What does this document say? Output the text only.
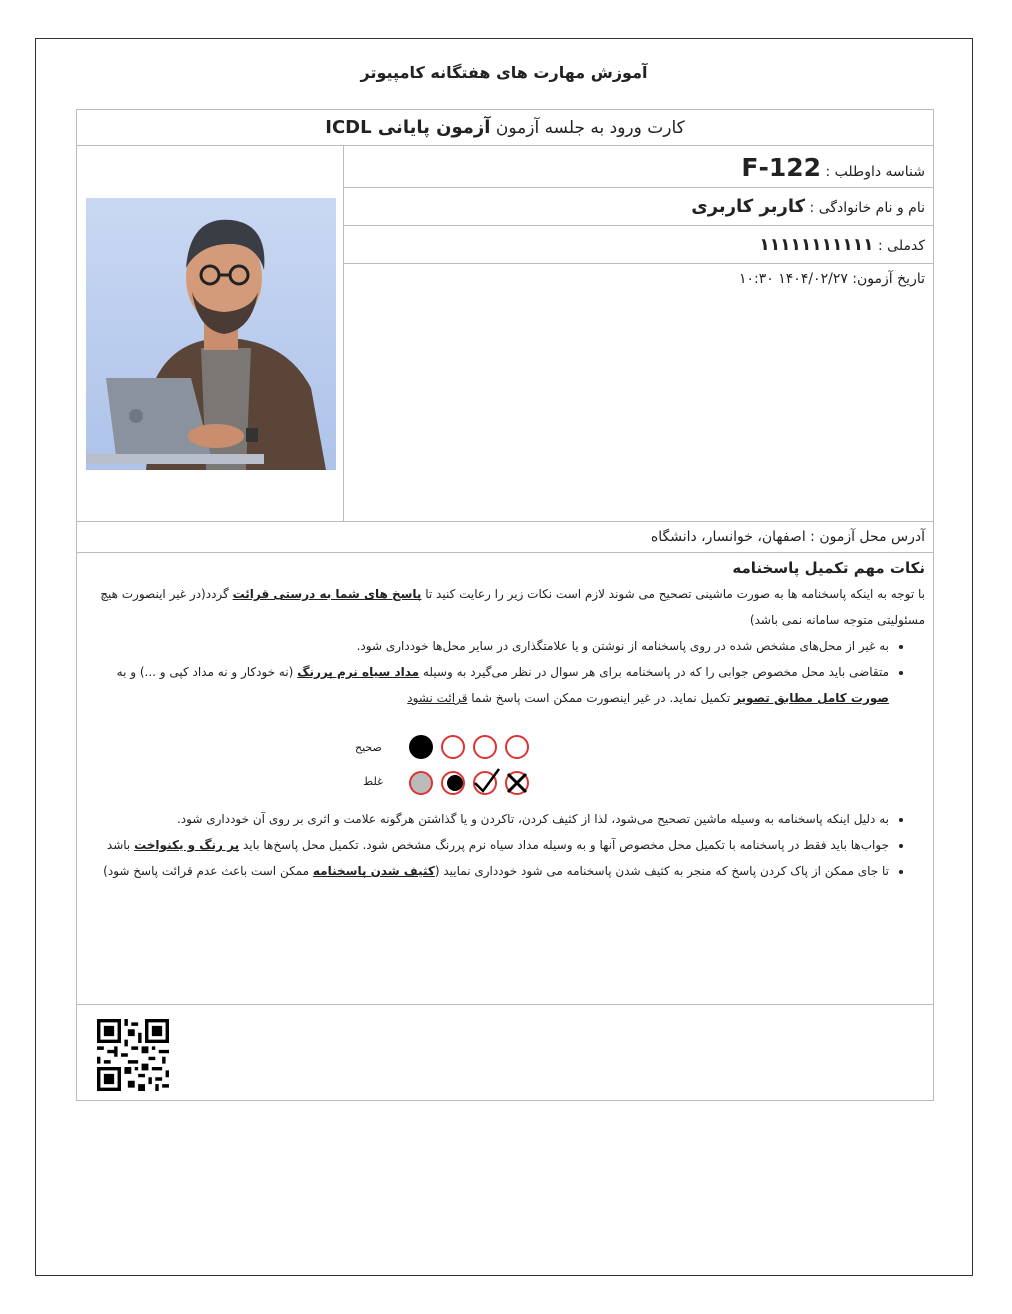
آموزش مهارت های هفتگانه کامپیوتر
کارت ورود به جلسه آزمون آزمون پایانی ICDL
شناسه داوطلب : 122-F
نام و نام خانوادگی : کاربر کاربری
کدملی : ۱۱۱۱۱۱۱۱۱۱۱
تاریخ آزمون: ۱۴۰۴/۰۲/۲۷ ۱۰:۳۰
آدرس محل آزمون : اصفهان، خوانسار، دانشگاه
نکات مهم تکمیل پاسخنامه

با توجه به اینکه پاسخنامه ها به صورت ماشینی تصحیح می شوند لازم است نکات زیر را رعایت کنید تا پاسخ های شما به درستی قرائت گردد(در غیر اینصورت هیچ مسئولیتی متوجه سامانه نمی باشد)

• به غیر از محل‌های مشخص شده در روی پاسخنامه از نوشتن و یا علامتگذاری در سایر محل‌ها خودداری شود.
• متقاضی باید محل مخصوص جوابی را که در پاسخنامه برای هر سوال در نظر می‌گیرد به وسیله مداد سیاه نرم پررنگ (نه خودکار و نه مداد کپی و ...) و به صورت کامل مطابق تصویر تکمیل نماید. در غیر اینصورت ممکن است پاسخ شما قرائت نشود
صحیح
غلط
• به دلیل اینکه پاسخنامه به وسیله ماشین تصحیح می‌شود، لذا از کثیف کردن، تاکردن و یا گذاشتن هرگونه علامت و اثری بر روی آن خودداری شود.
• جواب‌ها باید فقط در پاسخنامه با تکمیل محل مخصوص آنها و به وسیله مداد سیاه نرم پررنگ مشخص شود. تکمیل محل پاسخ‌ها باید پر رنگ و یکنواخت باشد
• تا جای ممکن از پاک کردن پاسخ که منجر به کثیف شدن پاسخنامه می شود خودداری نمایید (کثیف شدن پاسخنامه ممکن است باعث عدم قرائت پاسخ شود)
